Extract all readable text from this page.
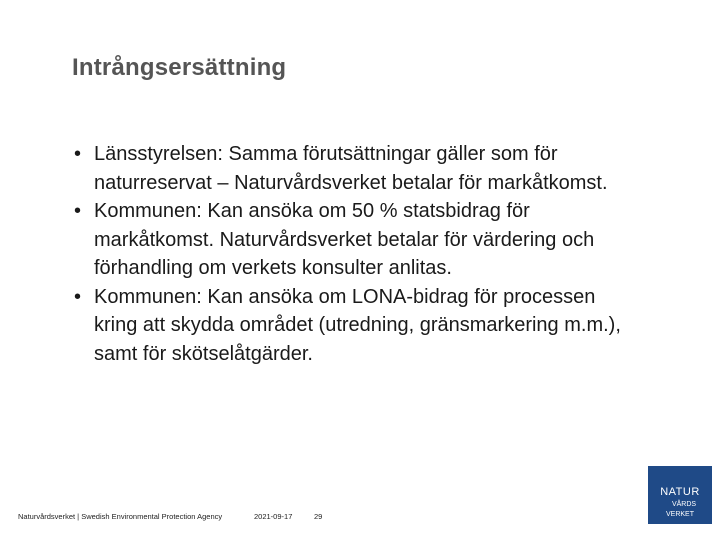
Intrångsersättning
• Länsstyrelsen: Samma förutsättningar gäller som för naturreservat – Naturvårdsverket betalar för markåtkomst.
• Kommunen: Kan ansöka om 50 % statsbidrag för markåtkomst. Naturvårdsverket betalar för värdering och förhandling om verkets konsulter anlitas.
• Kommunen: Kan ansöka om LONA-bidrag för processen kring att skydda området (utredning, gränsmarkering m.m.), samt för skötselåtgärder.
Naturvårdsverket | Swedish Environmental Protection Agency	2021-09-17	29
NATUR
VÅRDS
VERKET
